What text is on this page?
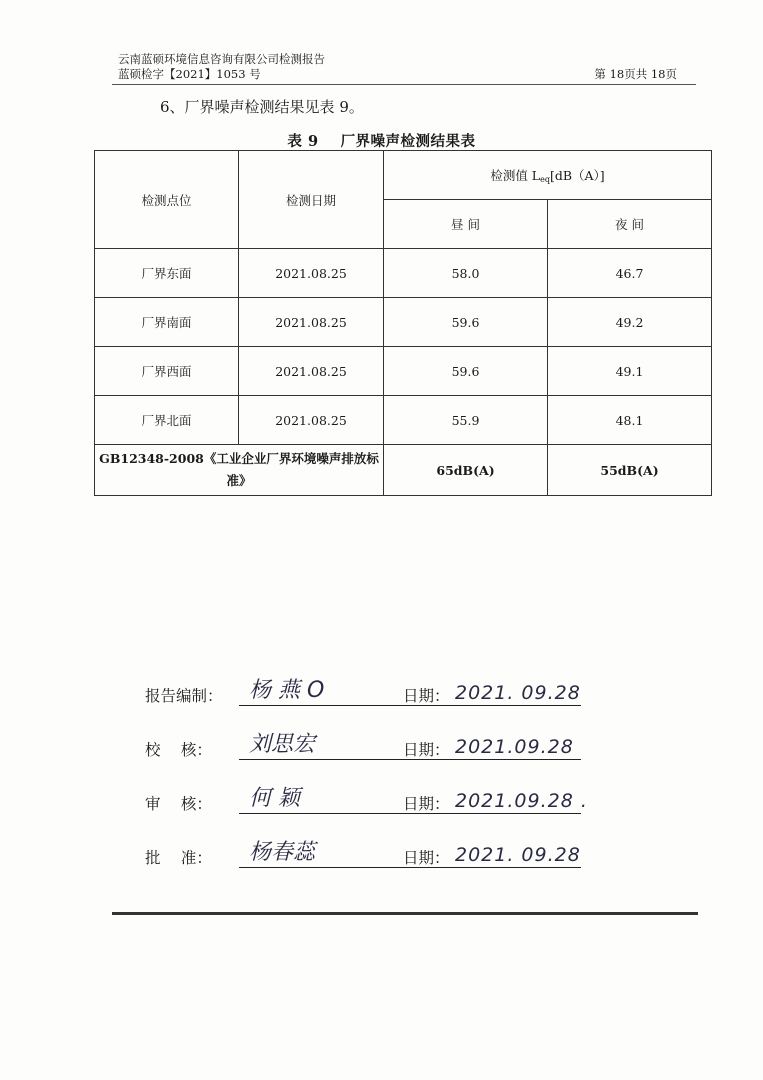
云南蓝硕环境信息咨询有限公司检测报告
蓝硕检字【2021】1053 号	第 18页共 18页
6、厂界噪声检测结果见表 9。
表 9 厂界噪声检测结果表
检测点位	检测日期	检测值 $L_{eq}[dB(A)]$	
		昼 间	夜 间
厂界东面	2021.08.25	58.0	46.7
厂界南面	2021.08.25	59.6	49.2
厂界西面	2021.08.25	59.6	49.1
厂界北面	2021.08.25	55.9	48.1
GB12348-2008《工业企业厂界环境噪声排放标准》		65dB(A)	55dB(A)
报告编制： 杨 燕 O	日期： 2021. 09.28
校　 核： 刘思宏	日期： 2021.09.28
审　 核： 何 颖	日期： 2021.09.28 .
批　 准： 杨春蕊	日期： 2021. 09.28
